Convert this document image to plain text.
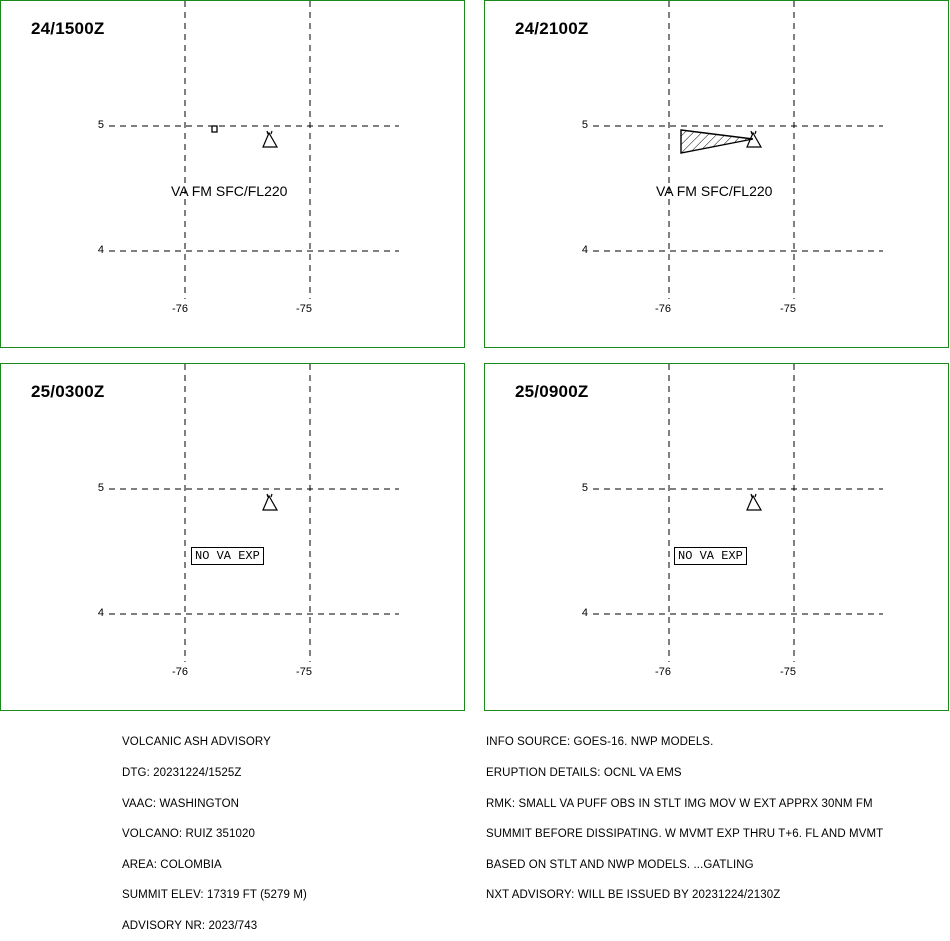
24/1500Z
5
4
-76	-75
VA FM SFC/FL220
24/2100Z
5
4
-76	-75
VA FM SFC/FL220
25/0300Z
5
4
-76	-75
NO VA EXP
25/0900Z
5
4
-76	-75
NO VA EXP

VOLCANIC ASH ADVISORY

DTG: 20231224/1525Z

VAAC: WASHINGTON

VOLCANO: RUIZ 351020

AREA: COLOMBIA

SUMMIT ELEV: 17319 FT (5279 M)

ADVISORY NR: 2023/743

INFO SOURCE: GOES-16. NWP MODELS.

ERUPTION DETAILS: OCNL VA EMS

RMK: SMALL VA PUFF OBS IN STLT IMG MOV W EXT APPRX 30NM FM

SUMMIT BEFORE DISSIPATING. W MVMT EXP THRU T+6. FL AND MVMT

BASED ON STLT AND NWP MODELS. ...GATLING

NXT ADVISORY: WILL BE ISSUED BY 20231224/2130Z
